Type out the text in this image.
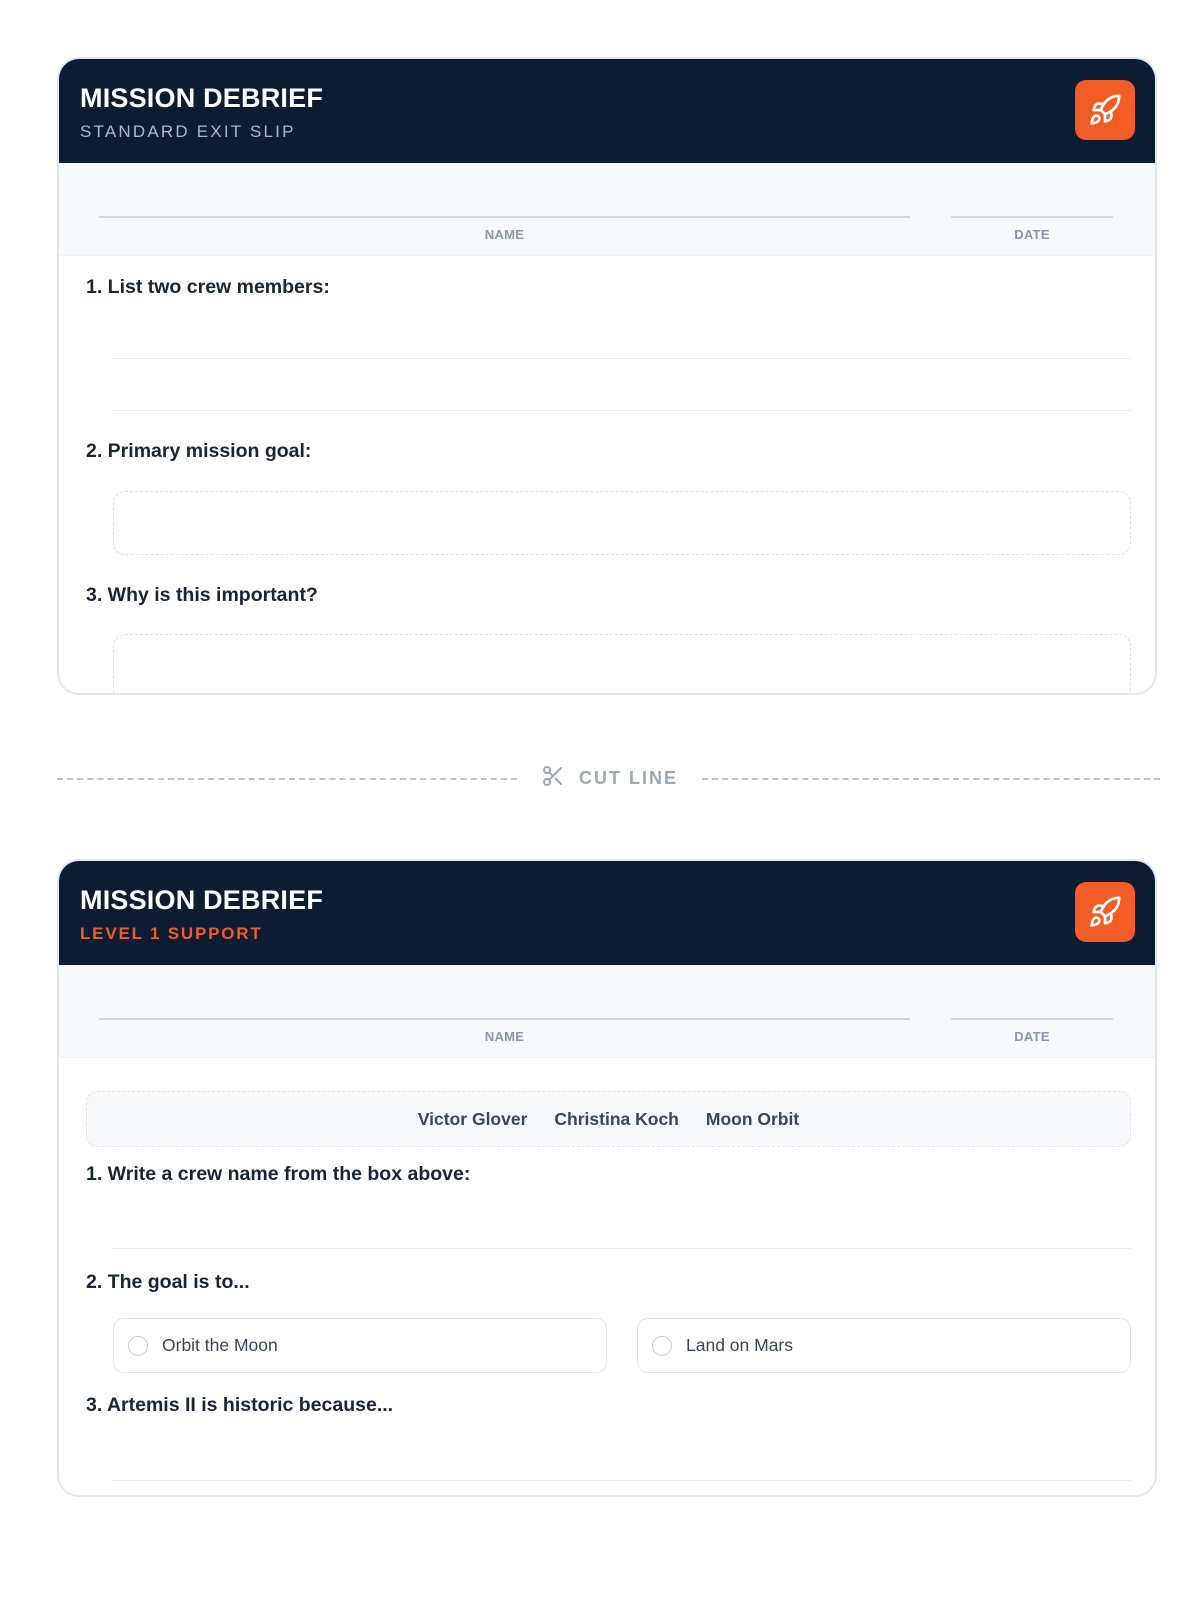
MISSION DEBRIEF
STANDARD EXIT SLIP
NAME	DATE
1. List two crew members:
2. Primary mission goal:
3. Why is this important?
CUT LINE
MISSION DEBRIEF
LEVEL 1 SUPPORT
NAME	DATE
Victor Glover Christina Koch Moon Orbit
1. Write a crew name from the box above:
2. The goal is to...
Orbit the Moon	Land on Mars
3. Artemis II is historic because...
